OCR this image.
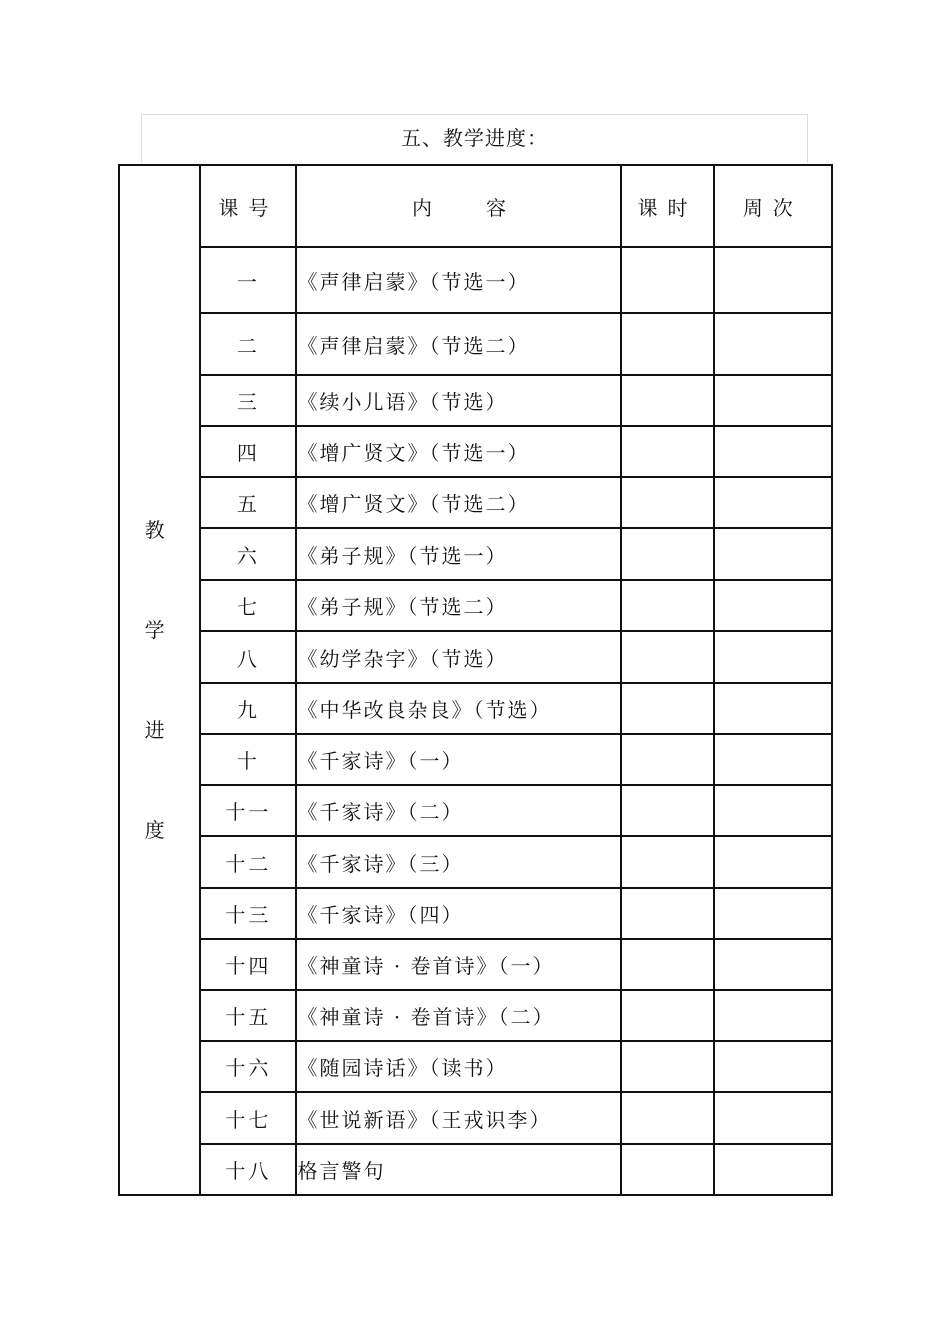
五、教学进度：
教
学
进
度	课号	内 容	课时	周次
	一	《声律启蒙》（节选一）		
	二	《声律启蒙》（节选二）		
	三	《续小儿语》（节选）		
	四	《增广贤文》（节选一）		
	五	《增广贤文》（节选二）		
	六	《弟子规》（节选一）		
	七	《弟子规》（节选二）		
	八	《幼学杂字》（节选）		
	九	《中华改良杂良》（节选）		
	十	《千家诗》（一）		
	十一	《千家诗》（二）		
	十二	《千家诗》（三）		
	十三	《千家诗》（四）		
	十四	《神童诗 · 卷首诗》（一）		
	十五	《神童诗 · 卷首诗》（二）		
	十六	《随园诗话》（读书）		
	十七	《世说新语》（王戎识李）		
	十八	格言警句		
